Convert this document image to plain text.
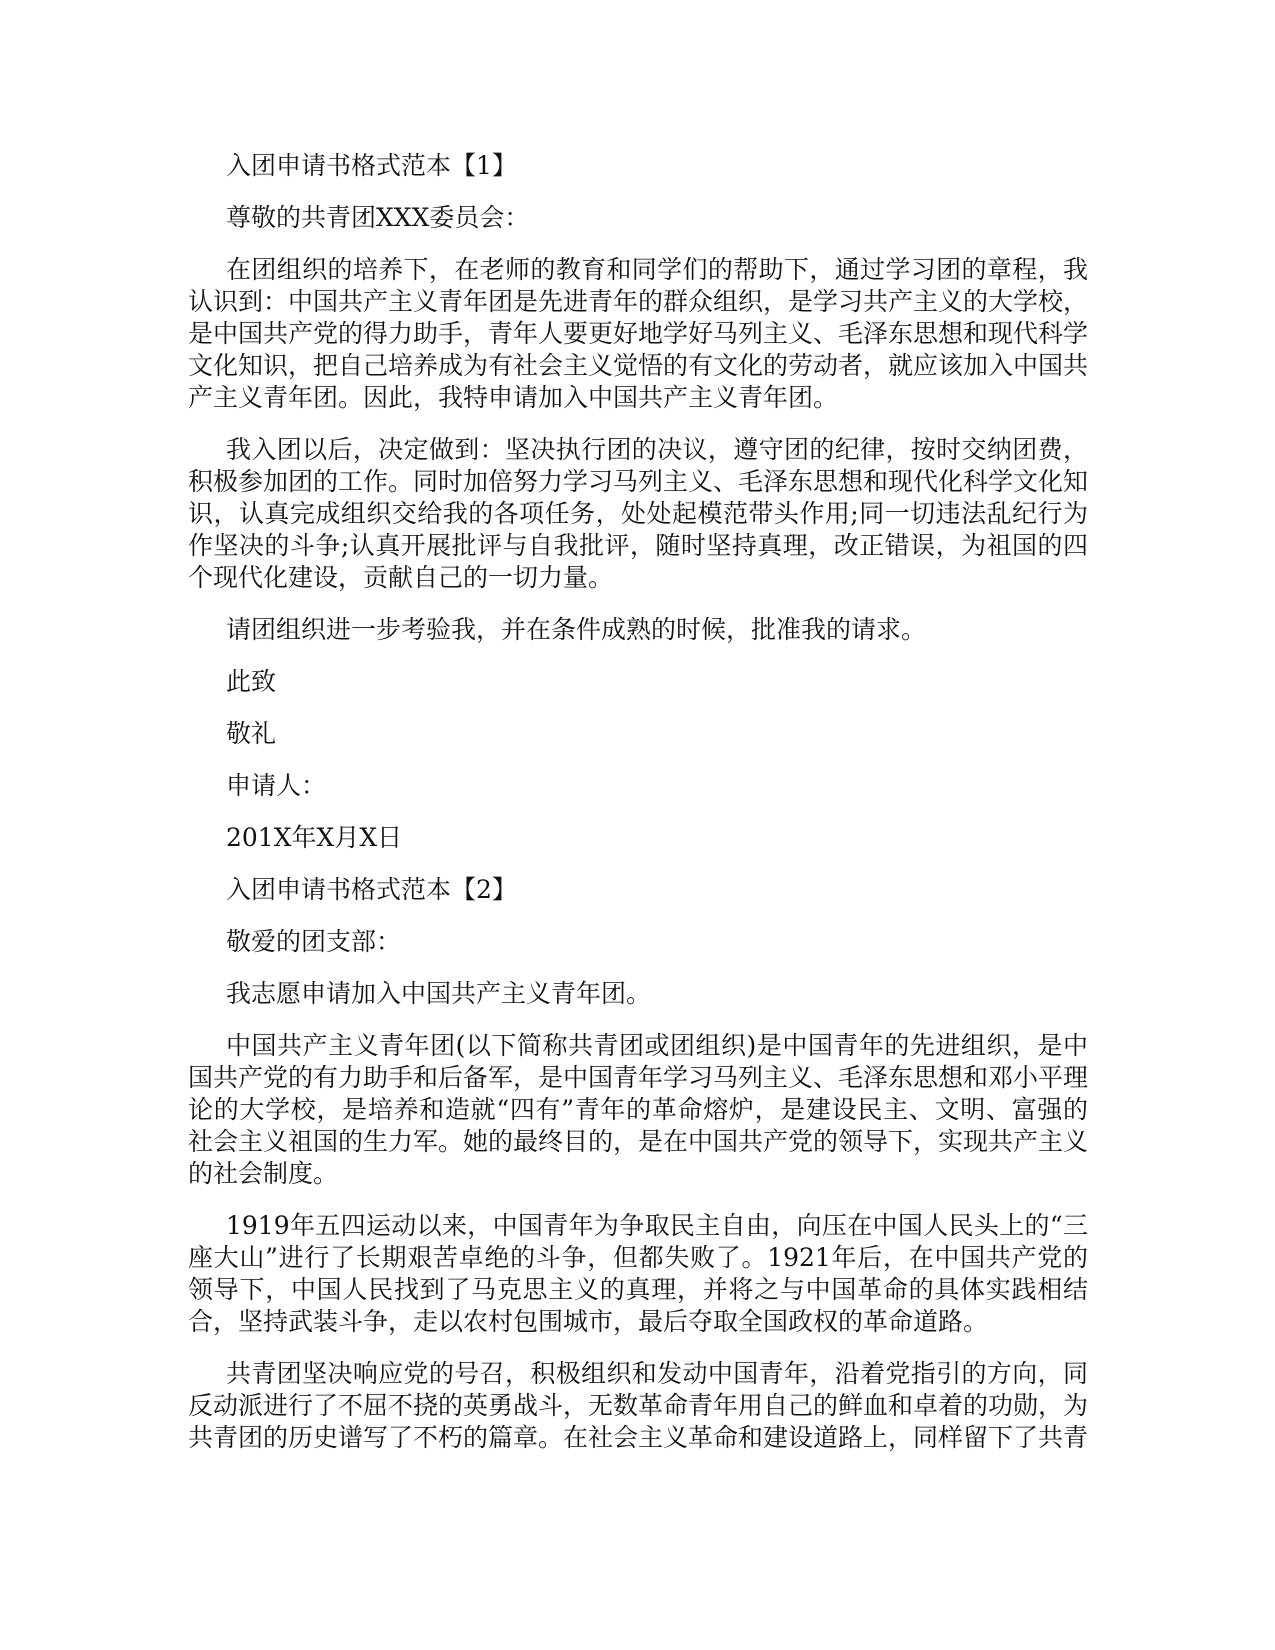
入团申请书格式范本【1】
尊敬的共青团XXX委员会：

在团组织的培养下，在老师的教育和同学们的帮助下，通过学习团的章程，我认识到：中国共产主义青年团是先进青年的群众组织，是学习共产主义的大学校，是中国共产党的得力助手，青年人要更好地学好马列主义、毛泽东思想和现代科学文化知识，把自己培养成为有社会主义觉悟的有文化的劳动者，就应该加入中国共产主义青年团。因此，我特申请加入中国共产主义青年团。

我入团以后，决定做到：坚决执行团的决议，遵守团的纪律，按时交纳团费，积极参加团的工作。同时加倍努力学习马列主义、毛泽东思想和现代化科学文化知识，认真完成组织交给我的各项任务，处处起模范带头作用;同一切违法乱纪行为作坚决的斗争;认真开展批评与自我批评，随时坚持真理，改正错误，为祖国的四个现代化建设，贡献自己的一切力量。

请团组织进一步考验我，并在条件成熟的时候，批准我的请求。

此致
敬礼
申请人：
201X年X月X日
入团申请书格式范本【2】
敬爱的团支部：

我志愿申请加入中国共产主义青年团。

中国共产主义青年团(以下简称共青团或团组织)是中国青年的先进组织，是中国共产党的有力助手和后备军，是中国青年学习马列主义、毛泽东思想和邓小平理论的大学校，是培养和造就“四有”青年的革命熔炉，是建设民主、文明、富强的社会主义祖国的生力军。她的最终目的，是在中国共产党的领导下，实现共产主义的社会制度。

1919年五四运动以来，中国青年为争取民主自由，向压在中国人民头上的“三座大山”进行了长期艰苦卓绝的斗争，但都失败了。1921年后，在中国共产党的领导下，中国人民找到了马克思主义的真理，并将之与中国革命的具体实践相结合，坚持武装斗争，走以农村包围城市，最后夺取全国政权的革命道路。

共青团坚决响应党的号召，积极组织和发动中国青年，沿着党指引的方向，同反动派进行了不屈不挠的英勇战斗，无数革命青年用自己的鲜血和卓着的功勋，为共青团的历史谱写了不朽的篇章。在社会主义革命和建设道路上，同样留下了共青
